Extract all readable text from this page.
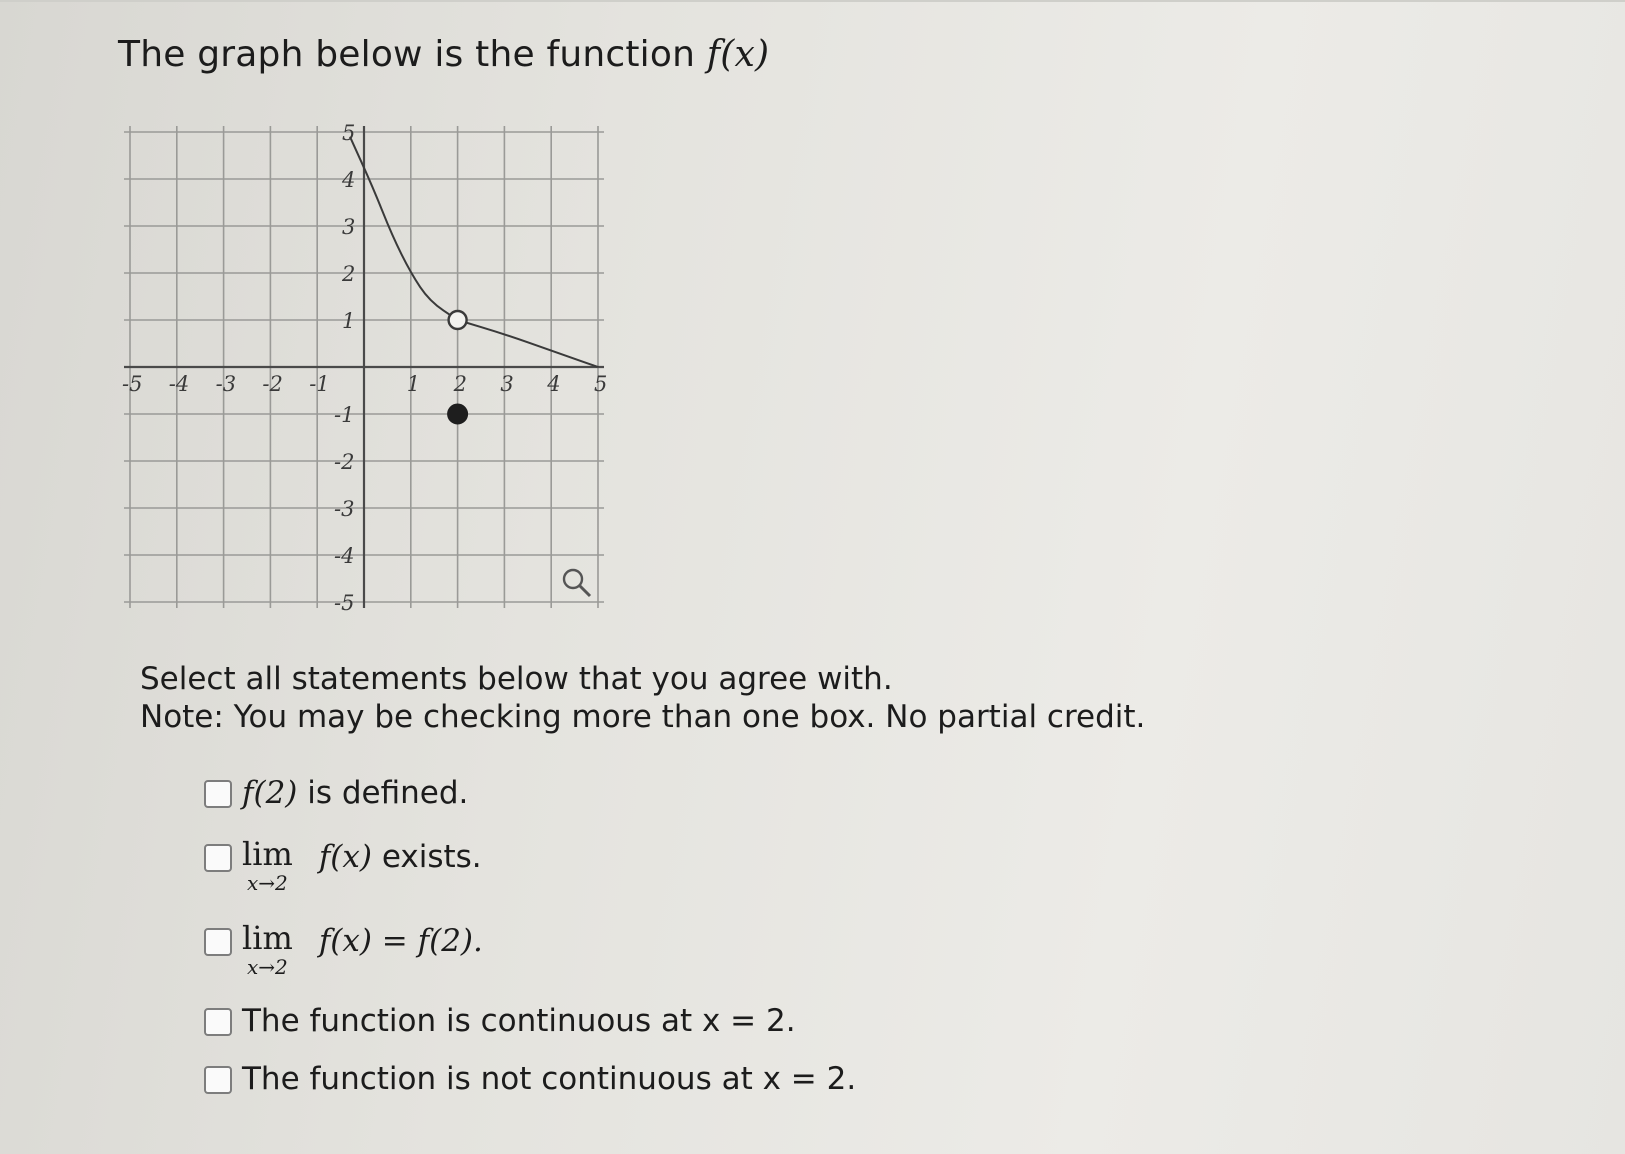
The graph below is the function f(x)
-5 -4 -3 -2 -1	1 2 3 4 5
5
4
3
2
1
-1
-2
-3
-4
-5
Select all statements below that you agree with.
Note: You may be checking more than one box. No partial credit.
f(2) is defined.
lim
x→2
f(x) exists.
lim
x→2
f(x) = f(2).
The function is continuous at x = 2.
The function is not continuous at x = 2.
